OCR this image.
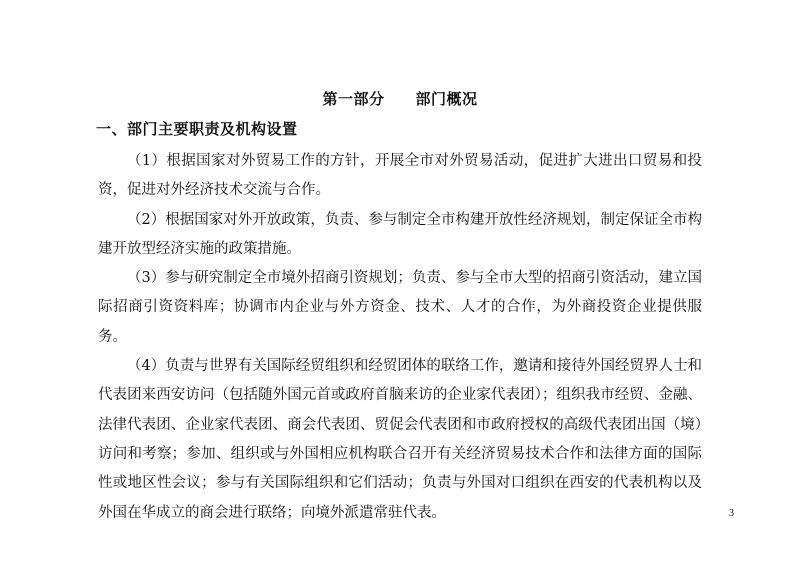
第一部分　　部门概况
一、部门主要职责及机构设置

（1）根据国家对外贸易工作的方针，开展全市对外贸易活动，促进扩大进出口贸易和投资，促进对外经济技术交流与合作。

（2）根据国家对外开放政策，负责、参与制定全市构建开放性经济规划，制定保证全市构建开放型经济实施的政策措施。

（3）参与研究制定全市境外招商引资规划；负责、参与全市大型的招商引资活动，建立国际招商引资资料库；协调市内企业与外方资金、技术、人才的合作，为外商投资企业提供服务。

（4）负责与世界有关国际经贸组织和经贸团体的联络工作，邀请和接待外国经贸界人士和代表团来西安访问（包括随外国元首或政府首脑来访的企业家代表团）；组织我市经贸、金融、法律代表团、企业家代表团、商会代表团、贸促会代表团和市政府授权的高级代表团出国（境）访问和考察；参加、组织或与外国相应机构联合召开有关经济贸易技术合作和法律方面的国际性或地区性会议；参与有关国际组织和它们活动；负责与外国对口组织在西安的代表机构以及外国在华成立的商会进行联络；向境外派遣常驻代表。	3
